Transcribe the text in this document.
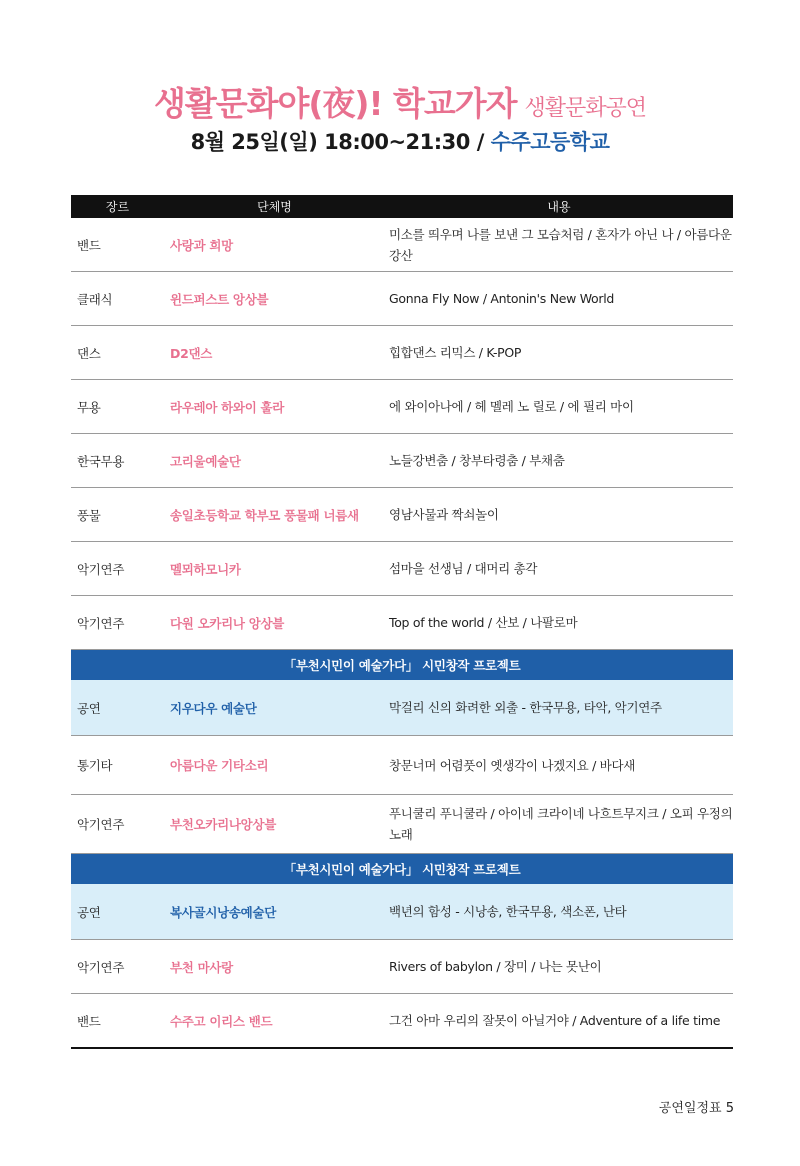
생활문화야(夜)! 학교가자 생활문화공연
8월 25일(일) 18:00~21:30 / 수주고등학교
장르	단체명	내용
밴드	사랑과 희망	미소를 띄우며 나를 보낸 그 모습처럼 / 혼자가 아닌 나 / 아름다운 강산
클래식	윈드퍼스트 앙상블	Gonna Fly Now / Antonin's New World
댄스	D2댄스	힙합댄스 리믹스 / K-POP
무용	라우레아 하와이 훌라	에 와이아나에 / 헤 멜레 노 릴로 / 에 필리 마이
한국무용	고리울예술단	노들강변춤 / 창부타령춤 / 부채춤
풍물	송일초등학교 학부모 풍물패 너름새	영남사물과 짝쇠놀이
악기연주	멜뫼하모니카	섬마을 선생님 / 대머리 총각
악기연주	다원 오카리나 앙상블	Top of the world / 산보 / 나팔로마
「부천시민이 예술가다」 시민창작 프로젝트		
공연	지우다우 예술단	막걸리 신의 화려한 외출 - 한국무용, 타악, 악기연주
통기타	아름다운 기타소리	창문너머 어렴풋이 옛생각이 나겠지요 / 바다새
악기연주	부천오카리나앙상블	푸니쿨리 푸니쿨라 / 아이네 크라이네 나흐트무지크 / 오피 우정의 노래
「부천시민이 예술가다」 시민창작 프로젝트		
공연	복사골시낭송예술단	백년의 함성 - 시낭송, 한국무용, 색소폰, 난타
악기연주	부천 마사랑	Rivers of babylon / 장미 / 나는 못난이
밴드	수주고 이리스 밴드	그건 아마 우리의 잘못이 아닐거야 / Adventure of a life time
공연일정표 5
